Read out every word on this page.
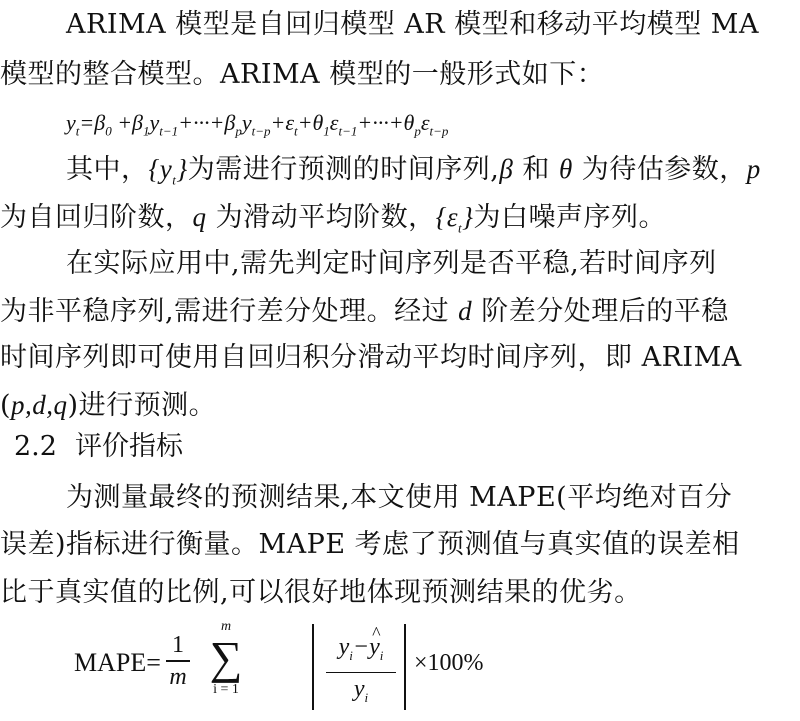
ARIMA 模型是自回归模型 AR 模型和移动平均模型 MA
模型的整合模型。ARIMA 模型的一般形式如下：
$y_t=\beta_0 +\beta_1y_{t-1}+\cdot\cdot\cdot+\beta_py_{t-p}+\varepsilon_t+\theta_1\varepsilon_{t-1}+\cdot\cdot\cdot+\theta_p\varepsilon_{t-p}$
其中，$\{y_t\}$为需进行预测的时间序列,β 和 θ 为待估参数，p
为自回归阶数，q 为滑动平均阶数，$\{\varepsilon_t\}$为白噪声序列。
在实际应用中,需先判定时间序列是否平稳,若时间序列
为非平稳序列,需进行差分处理。经过 d 阶差分处理后的平稳
时间序列即可使用自回归积分滑动平均时间序列，即 ARIMA
(p,d,q)进行预测。
2.2 评价指标
为测量最终的预测结果,本文使用 MAPE(平均绝对百分
误差)指标进行衡量。MAPE 考虑了预测值与真实值的误差相
比于真实值的比例,可以很好地体现预测结果的优劣。
MAPE=
1
m
m
∑
i = 1
$y_i-\^{}$ $y_i$
$y_i$
×100%
